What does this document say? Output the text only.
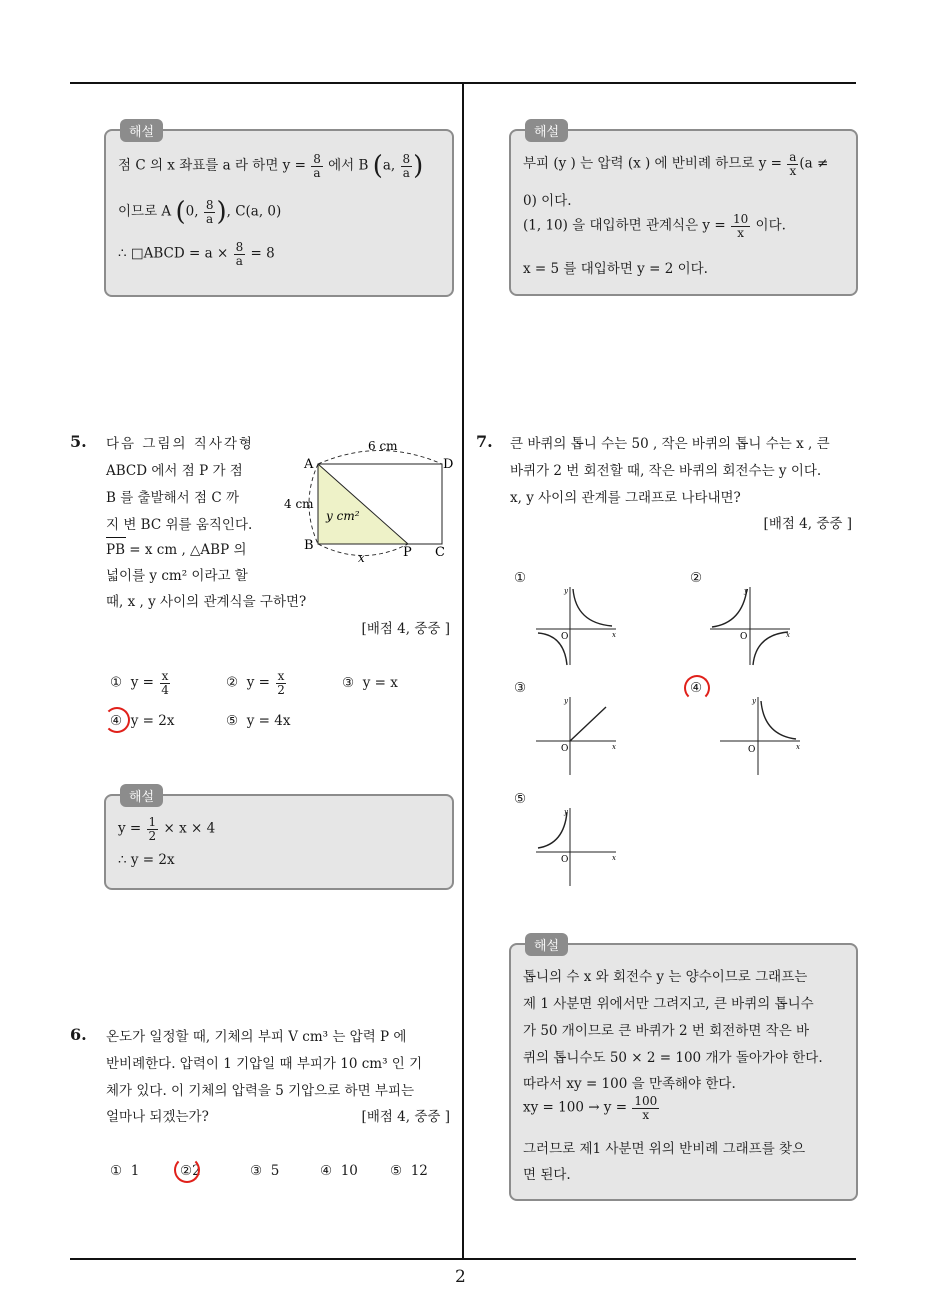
2
해설
점 C 의 x 좌표를 a 라 하면 $y = \frac{8}{a}$ 에서 B (a, $\frac{8}{a}$ )
이므로 A (0, $\frac{8}{a}$ ), C(a, 0)
∴ □ABCD = $a \times \frac{8}{a} = 8$
해설
부피 (y ) 는 압력 (x ) 에 반비례 하므로 $y = \frac{a}{x} (a$ ≠
0) 이다.
(1, 10) 을 대입하면 관계식은 $y = \frac{10}{x}$ 이다.
x = 5 를 대입하면 y = 2 이다.
5. 다음 그림의 직사각형
ABCD 에서 점 P 가 점
B 를 출발해서 점 C 까
지 변 BC 위를 움직인다.
PB = x cm , △ABP 의
넓이를 y cm² 이라고 할
때, x , y 사이의 관계식을 구하면?
[배점 4, 중중 ]
A	D
B	P C
6 cm
4 cm
x
y cm²
① $y = \frac{x}{4}$	② $y = \frac{x}{2}$	③ y = x
④ y = 2x	⑤ y = 4x
해설
$y = \frac{1}{2} \times x \times 4$
∴ y = 2x
6. 온도가 일정할 때, 기체의 부피 V cm³ 는 압력 P 에
반비례한다. 압력이 1 기압일 때 부피가 10 cm³ 인 기
체가 있다. 이 기체의 압력을 5 기압으로 하면 부피는
얼마나 되겠는가?	[배점 4, 중중 ]
① 1	②2	③ 5	④ 10 ⑤ 12
7. 큰 바퀴의 톱니 수는 50 , 작은 바퀴의 톱니 수는 x , 큰
바퀴가 2 번 회전할 때, 작은 바퀴의 회전수는 y 이다.
x, y 사이의 관계를 그래프로 나타내면?
[배점 4, 중중 ]
①
y
x
O
②
y
x
O
③
y
x
O
④
y
x
O
⑤
y
x
O
해설
톱니의 수 x 와 회전수 y 는 양수이므로 그래프는
제 1 사분면 위에서만 그려지고, 큰 바퀴의 톱니수
가 50 개이므로 큰 바퀴가 2 번 회전하면 작은 바
퀴의 톱니수도 50 × 2 = 100 개가 돌아가야 한다.
따라서 xy = 100 을 만족해야 한다.
xy = $100 \to y = \frac{100}{x}$
그러므로 제1 사분면 위의 반비례 그래프를 찾으
면 된다.
